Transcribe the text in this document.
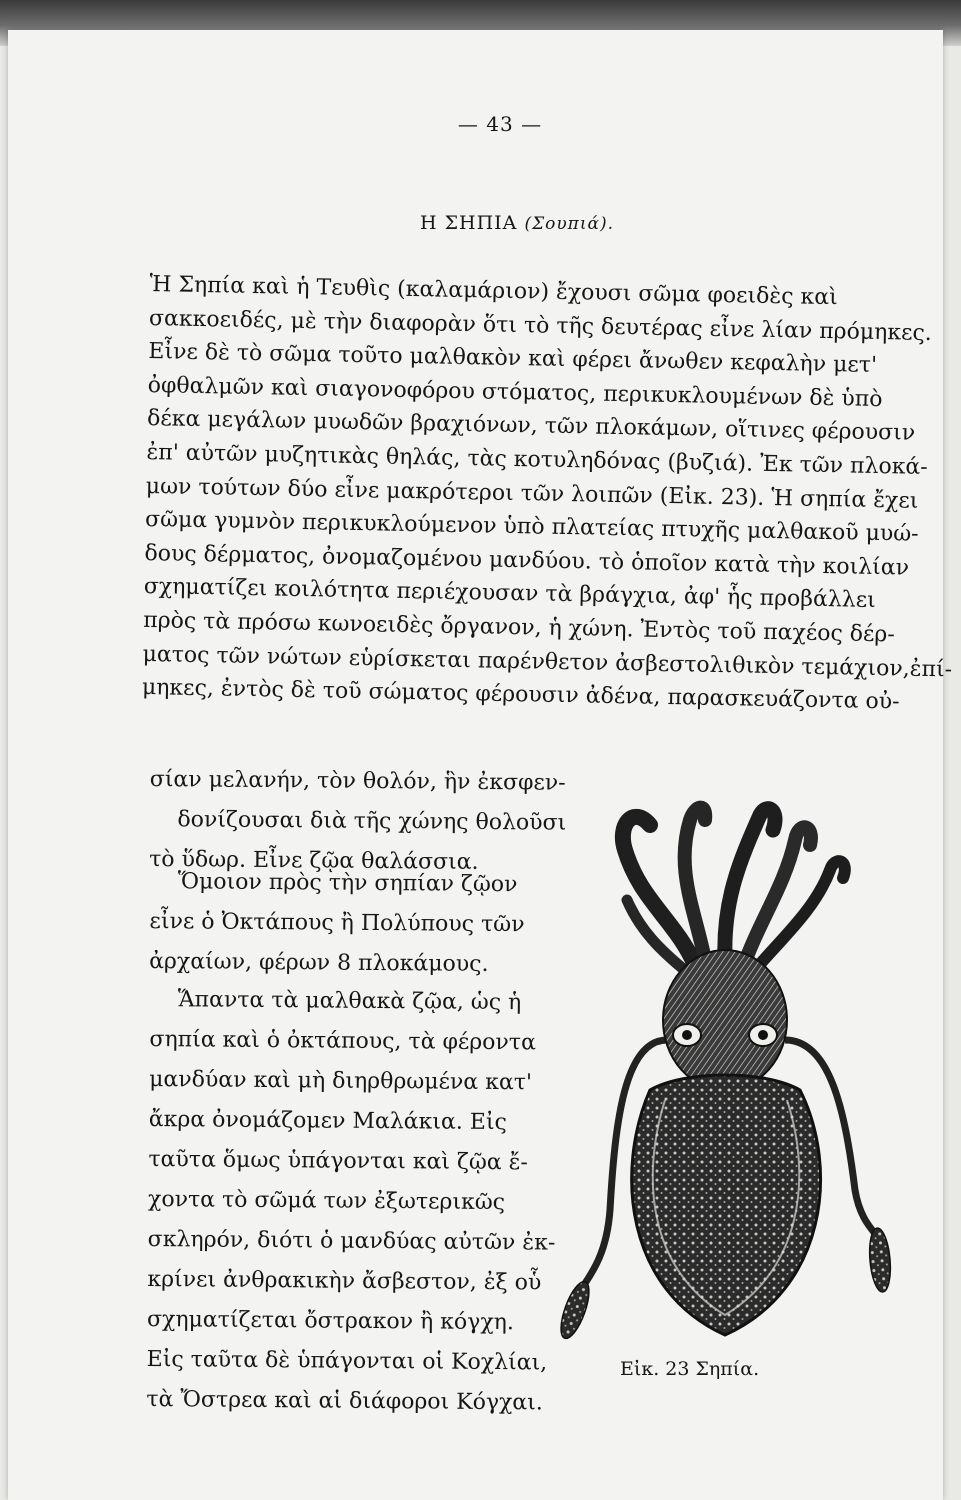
— 43 —
Η ΣΗΠΙΑ (Σουπιά).
Ἡ Σηπία καὶ ἡ Τευθὶς (καλαμάριον) ἔχουσι σῶμα φοειδὲς καὶ
σακκοειδές, μὲ τὴν διαφορὰν ὅτι τὸ τῆς δευτέρας εἶνε λίαν πρόμηκες.
Εἶνε δὲ τὸ σῶμα τοῦτο μαλθακὸν καὶ φέρει ἄνωθεν κεφαλὴν μετ'
ὀφθαλμῶν καὶ σιαγονοφόρου στόματος, περικυκλουμένων δὲ ὑπὸ
δέκα μεγάλων μυωδῶν βραχιόνων, τῶν πλοκάμων, οἵτινες φέρουσιν
ἐπ' αὐτῶν μυζητικὰς θηλάς, τὰς κοτυληδόνας (βυζιά). Ἐκ τῶν πλοκά-
μων τούτων δύο εἶνε μακρότεροι τῶν λοιπῶν (Εἰκ. 23). Ἡ σηπία ἔχει
σῶμα γυμνὸν περικυκλούμενον ὑπὸ πλατείας πτυχῆς μαλθακοῦ μυώ-
δους δέρματος, ὀνομαζομένου μανδύου. τὸ ὁποῖον κατὰ τὴν κοιλίαν
σχηματίζει κοιλότητα περιέχουσαν τὰ βράγχια, ἀφ' ἧς προβάλλει
πρὸς τὰ πρόσω κωνοειδὲς ὄργανον, ἡ χώνη. Ἐντὸς τοῦ παχέος δέρ-
ματος τῶν νώτων εὑρίσκεται παρένθετον ἀσβεστολιθικὸν τεμάχιον,ἐπί-
μηκες, ἐντὸς δὲ τοῦ σώματος φέρουσιν ἀδένα, παρασκευάζοντα οὐ-
σίαν μελανήν, τὸν θολόν, ἣν ἐκσφεν-
δονίζουσαι διὰ τῆς χώνης θολοῦσι
τὸ ὕδωρ. Εἶνε ζῷα θαλάσσια.
Ὅμοιον πρὸς τὴν σηπίαν ζῷον
εἶνε ὁ Ὀκτάπους ἢ Πολύπους τῶν
ἀρχαίων, φέρων 8 πλοκάμους.
Ἅπαντα τὰ μαλθακὰ ζῷα, ὡς ἡ
σηπία καὶ ὁ ὀκτάπους, τὰ φέροντα
μανδύαν καὶ μὴ διηρθρωμένα κατ'
ἄκρα ὀνομάζομεν Μαλάκια. Εἰς
ταῦτα ὅμως ὑπάγονται καὶ ζῷα ἔ-
χοντα τὸ σῶμά των ἐξωτερικῶς
σκληρόν, διότι ὁ μανδύας αὐτῶν ἐκ-
κρίνει ἀνθρακικὴν ἄσβεστον, ἐξ οὗ
σχηματίζεται ὄστρακον ἢ κόγχη.
Εἰς ταῦτα δὲ ὑπάγονται οἱ Κοχλίαι,
τὰ Ὄστρεα καὶ αἱ διάφοροι Κόγχαι.
Εἰκ. 23 Σηπία.
